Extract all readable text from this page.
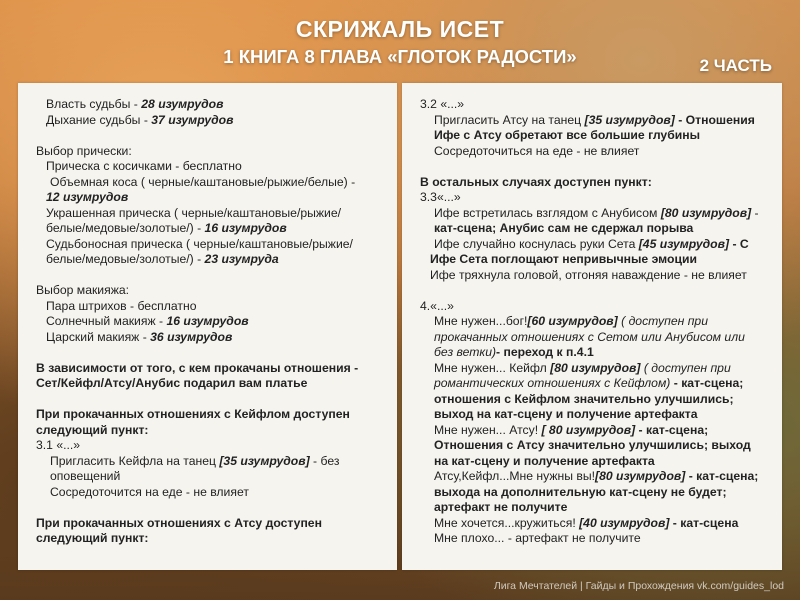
СКРИЖАЛЬ ИСЕТ
1 КНИГА 8 ГЛАВА «ГЛОТОК РАДОСТИ»	2 ЧАСТЬ
Власть судьбы - 28 изумрудов
Дыхание судьбы - 37 изумрудов
Выбор прически:
Прическа с косичками - бесплатно
Объемная коса ( черные/каштановые/рыжие/белые) -
12 изумрудов
Украшенная прическа ( черные/каштановые/рыжие/
белые/медовые/золотые/) - 16 изумрудов
Судьбоносная прическа ( черные/каштановые/рыжие/
белые/медовые/золотые/) - 23 изумруда
Выбор макияжа:
Пара штрихов - бесплатно
Солнечный макияж - 16 изумрудов
Царский макияж - 36 изумрудов
В зависимости от того, с кем прокачаны отношения -
Сет/Кейфл/Атсу/Анубис подарил вам платье
При прокачанных отношениях с Кейфлом доступен
следующий пункт:
3.1 «...»
Пригласить Кейфла на танец [35 изумрудов] - без
оповещений
Сосредоточится на еде - не влияет
При прокачанных отношениях с Атсу доступен
следующий пункт:
3.2 «...»
Пригласить Атсу на танец [35 изумрудов] - Отношения
Ифе с Атсу обретают все большие глубины
Сосредоточиться на еде - не влияет
В остальных случаях доступен пункт:
3.3«...»
Ифе встретилась взглядом с Анубисом [80 изумрудов] -
кат-сцена; Анубис сам не сдержал порыва
Ифе случайно коснулась руки Сета [45 изумрудов] - С
Ифе Сета поглощают непривычные эмоции
Ифе тряхнула головой, отгоняя наваждение - не влияет
4.«...»
Мне нужен...бог![60 изумрудов] ( доступен при
прокачанных отношениях с Сетом или Анубисом или
без ветки)- переход к п.4.1
Мне нужен... Кейфл [80 изумрудов] ( доступен при
романтических отношениях с Кейфлом) - кат-сцена;
отношения с Кейфлом значительно улучшились;
выход на кат-сцену и получение артефакта
Мне нужен... Атсу! [ 80 изумрудов] - кат-сцена;
Отношения с Атсу значительно улучшились; выход
на кат-сцену и получение артефакта
Атсу,Кейфл...Мне нужны вы![80 изумрудов] - кат-сцена;
выхода на дополнительную кат-сцену не будет;
артефакт не получите
Мне хочется...кружиться! [40 изумрудов] - кат-сцена
Мне плохо... - артефакт не получите
Лига Мечтателей | Гайды и Прохождения vk.com/guides_lod
